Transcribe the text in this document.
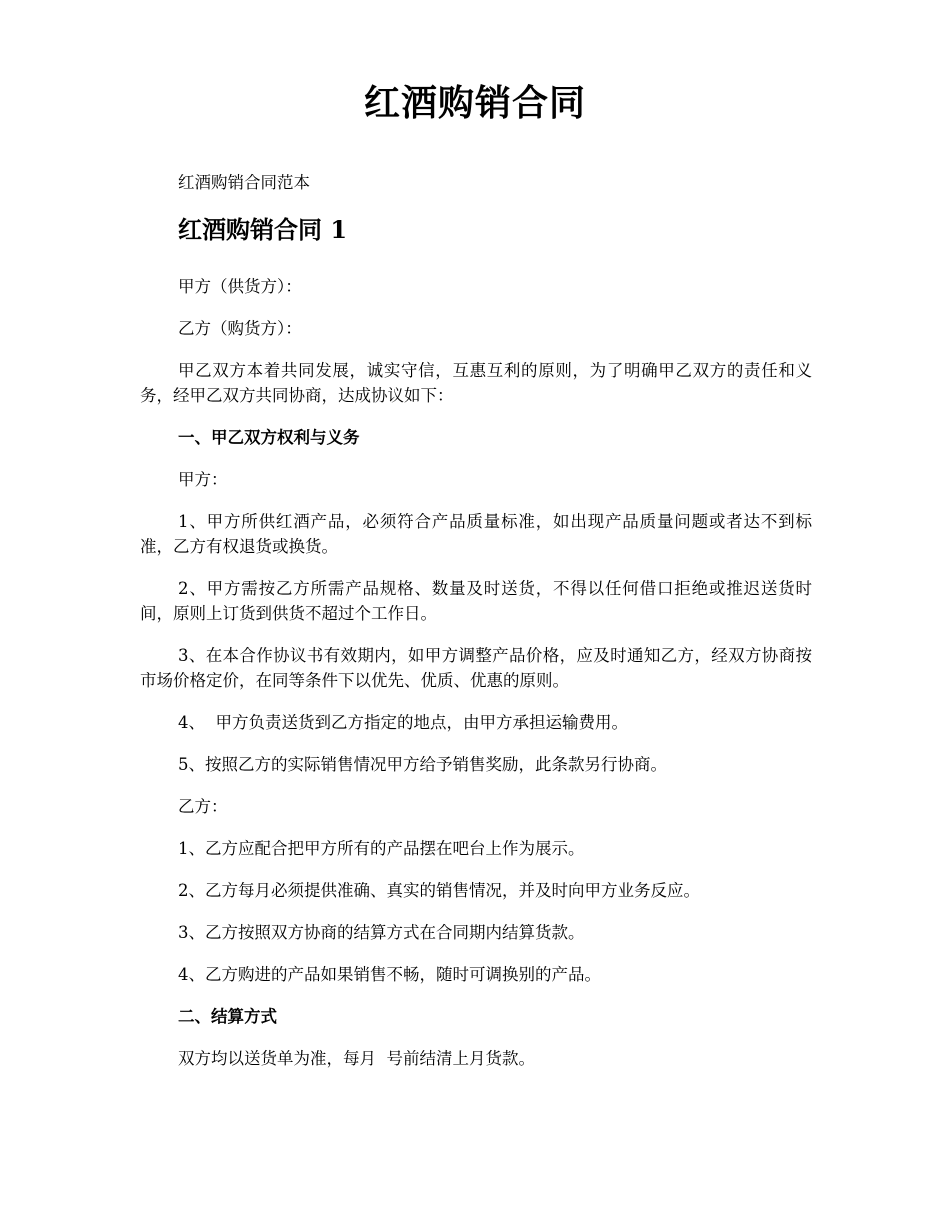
红酒购销合同

红酒购销合同范本

红酒购销合同 1

甲方（供货方）：

乙方（购货方）：

甲乙双方本着共同发展，诚实守信，互惠互利的原则，为了明确甲乙双方的责任和义务，经甲乙双方共同协商，达成协议如下：

一、甲乙双方权利与义务

甲方：

1、甲方所供红酒产品，必须符合产品质量标准，如出现产品质量问题或者达不到标准，乙方有权退货或换货。

2、甲方需按乙方所需产品规格、数量及时送货，不得以任何借口拒绝或推迟送货时间，原则上订货到供货不超过个工作日。

3、在本合作协议书有效期内，如甲方调整产品价格，应及时通知乙方，经双方协商按市场价格定价，在同等条件下以优先、优质、优惠的原则。

4、  甲方负责送货到乙方指定的地点，由甲方承担运输费用。

5、按照乙方的实际销售情况甲方给予销售奖励，此条款另行协商。

乙方：

1、乙方应配合把甲方所有的产品摆在吧台上作为展示。

2、乙方每月必须提供准确、真实的销售情况，并及时向甲方业务反应。

3、乙方按照双方协商的结算方式在合同期内结算货款。

4、乙方购进的产品如果销售不畅，随时可调换别的产品。

二、结算方式

双方均以送货单为准，每月  号前结清上月货款。
